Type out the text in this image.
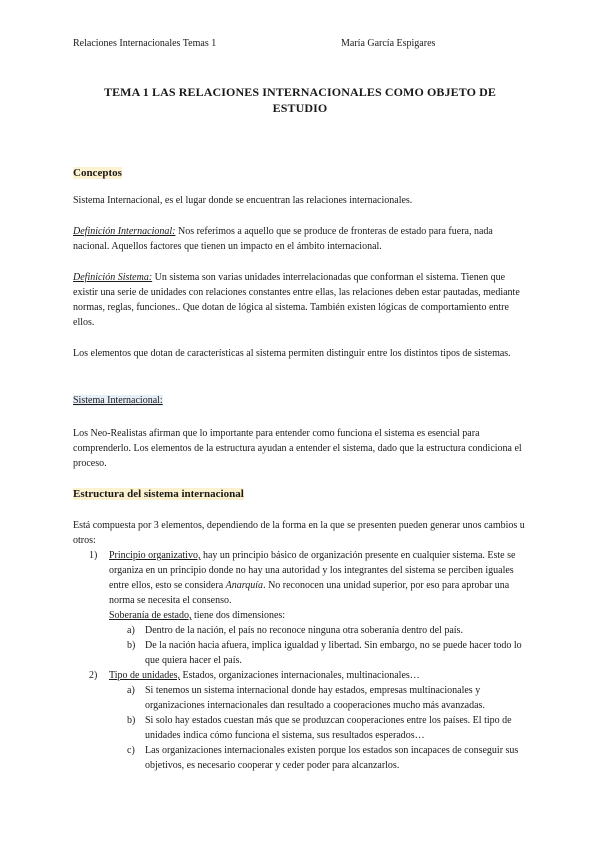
Relaciones Internacionales Temas 1	María García Espigares
TEMA 1 LAS RELACIONES INTERNACIONALES COMO OBJETO DE ESTUDIO

Conceptos

Sistema Internacional, es el lugar donde se encuentran las relaciones internacionales.

Definición Internacional: Nos referimos a aquello que se produce de fronteras de estado para fuera, nada nacional. Aquellos factores que tienen un impacto en el ámbito internacional.

Definición Sistema: Un sistema son varias unidades interrelacionadas que conforman el sistema. Tienen que existir una serie de unidades con relaciones constantes entre ellas, las relaciones deben estar pautadas, mediante normas, reglas, funciones.. Que dotan de lógica al sistema. También existen lógicas de comportamiento entre ellos.

Los elementos que dotan de características al sistema permiten distinguir entre los distintos tipos de sistemas.

Sistema Internacional:

Los Neo-Realistas afirman que lo importante para entender como funciona el sistema es esencial para comprenderlo. Los elementos de la estructura ayudan a entender el sistema, dado que la estructura condiciona el proceso.

Estructura del sistema internacional

Está compuesta por 3 elementos, dependiendo de la forma en la que se presenten pueden generar unos cambios u otros:

1) Principio organizativo, hay un principio básico de organización presente en cualquier sistema. Este se organiza en un principio donde no hay una autoridad y los integrantes del sistema se perciben iguales entre ellos, esto se considera Anarquía. No reconocen una unidad superior, por eso para aprobar una norma se necesita el consenso.
Soberanía de estado, tiene dos dimensiones:
a) Dentro de la nación, el país no reconoce ninguna otra soberanía dentro del país.
b) De la nación hacia afuera, implica igualdad y libertad. Sin embargo, no se puede hacer todo lo que quiera hacer el país.
2) Tipo de unidades, Estados, organizaciones internacionales, multinacionales…
a) Si tenemos un sistema internacional donde hay estados, empresas multinacionales y organizaciones internacionales dan resultado a cooperaciones mucho más avanzadas.
b) Si solo hay estados cuestan más que se produzcan cooperaciones entre los países. El tipo de unidades indica cómo funciona el sistema, sus resultados esperados…
c) Las organizaciones internacionales existen porque los estados son incapaces de conseguir sus objetivos, es necesario cooperar y ceder poder para alcanzarlos.
